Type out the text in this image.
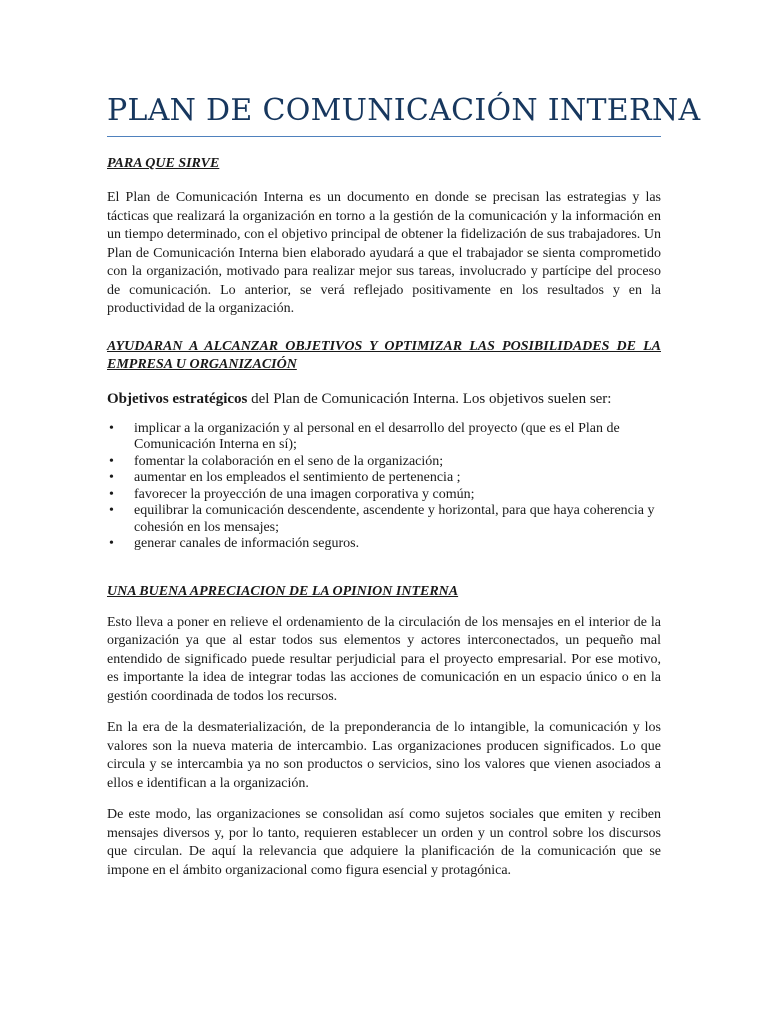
PLAN DE COMUNICACIÓN INTERNA

PARA QUE SIRVE

El Plan de Comunicación Interna es un documento en donde se precisan las estrategias y las tácticas que realizará la organización en torno a la gestión de la comunicación y la información en un tiempo determinado, con el objetivo principal de obtener la fidelización de sus trabajadores. Un Plan de Comunicación Interna bien elaborado ayudará a que el trabajador se sienta comprometido con la organización, motivado para realizar mejor sus tareas, involucrado y partícipe del proceso de comunicación. Lo anterior, se verá reflejado positivamente en los resultados y en la productividad de la organización.

AYUDARAN A ALCANZAR OBJETIVOS Y OPTIMIZAR LAS POSIBILIDADES DE LA EMPRESA U ORGANIZACIÓN

Objetivos estratégicos del Plan de Comunicación Interna. Los objetivos suelen ser:

• implicar a la organización y al personal en el desarrollo del proyecto (que es el Plan de Comunicación Interna en sí);
• fomentar la colaboración en el seno de la organización;
• aumentar en los empleados el sentimiento de pertenencia ;
• favorecer la proyección de una imagen corporativa y común;
• equilibrar la comunicación descendente, ascendente y horizontal, para que haya coherencia y cohesión en los mensajes;
• generar canales de información seguros.

UNA BUENA APRECIACION DE LA OPINION INTERNA

Esto lleva a poner en relieve el ordenamiento de la circulación de los mensajes en el interior de la organización ya que al estar todos sus elementos y actores interconectados, un pequeño mal entendido de significado puede resultar perjudicial para el proyecto empresarial. Por ese motivo, es importante la idea de integrar todas las acciones de comunicación en un espacio único o en la gestión coordinada de todos los recursos.

En la era de la desmaterialización, de la preponderancia de lo intangible, la comunicación y los valores son la nueva materia de intercambio. Las organizaciones producen significados. Lo que circula y se intercambia ya no son productos o servicios, sino los valores que vienen asociados a ellos e identifican a la organización.

De este modo, las organizaciones se consolidan así como sujetos sociales que emiten y reciben mensajes diversos y, por lo tanto, requieren establecer un orden y un control sobre los discursos que circulan. De aquí la relevancia que adquiere la planificación de la comunicación que se impone en el ámbito organizacional como figura esencial y protagónica.
